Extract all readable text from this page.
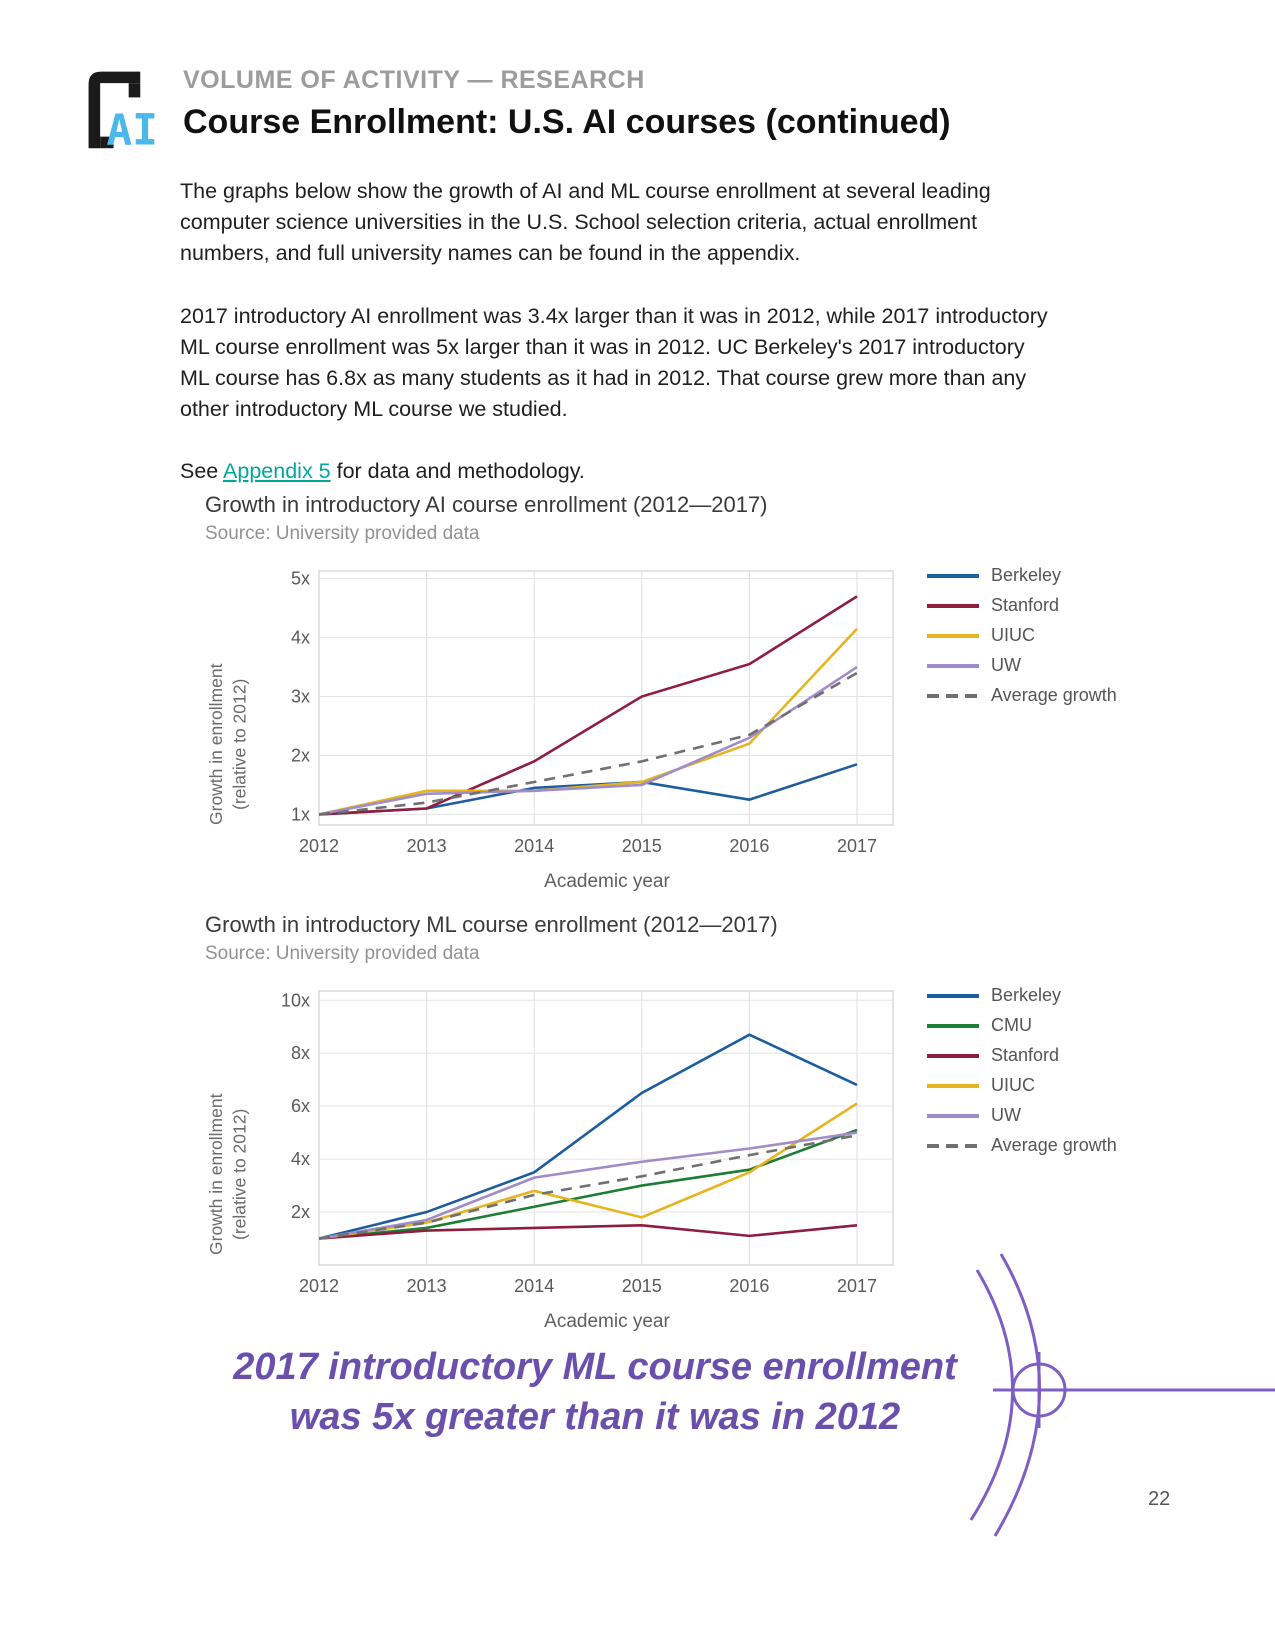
AI
VOLUME OF ACTIVITY — RESEARCH
Course Enrollment: U.S. AI courses (continued)

The graphs below show the growth of AI and ML course enrollment at several leading computer science universities in the U.S. School selection criteria, actual enrollment numbers, and full university names can be found in the appendix.

2017 introductory AI enrollment was 3.4x larger than it was in 2012, while 2017 introductory ML course enrollment was 5x larger than it was in 2012. UC Berkeley's 2017 introductory ML course has 6.8x as many students as it had in 2012. That course grew more than any other introductory ML course we studied.

See Appendix 5 for data and methodology.

Growth in introductory AI course enrollment (2012—2017)
Source: University provided data
Growth in enrollment (relative to 2012)
2012	2013	2014	2015	2016	2017
1x
2x
3x
4x
5x
Academic year
Berkeley
Stanford
UIUC
UW
Average growth
Growth in introductory ML course enrollment (2012—2017)
Source: University provided data
Growth in enrollment (relative to 2012)
2012	2013	2014	2015	2016	2017
2x
4x
6x
8x
10x
Academic year
Berkeley
CMU
Stanford
UIUC
UW
Average growth
2017 introductory ML course enrollment
was 5x greater than it was in 2012
22
